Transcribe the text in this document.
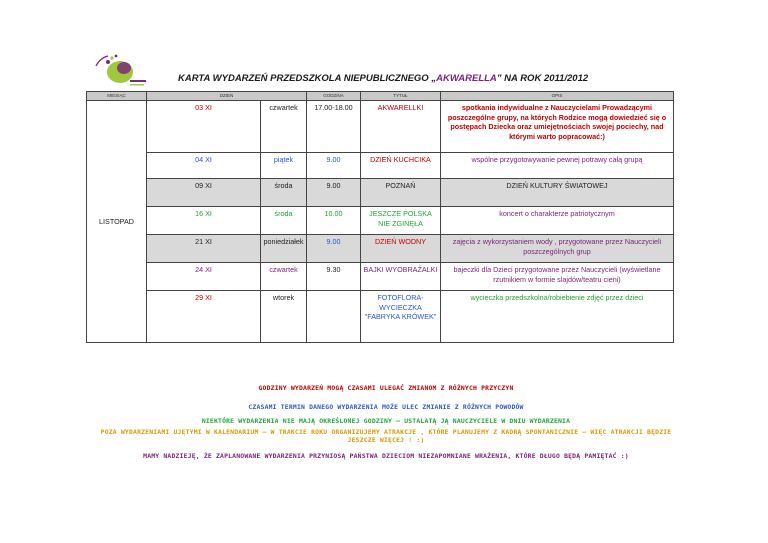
KARTA WYDARZEŃ PRZEDSZKOLA NIEPUBLICZNEGO „AKWARELLA” NA ROK 2011/2012
MIESIĄC	DZIEŃ		GODZINA	TYTUŁ	OPIS
LISTOPAD	03 XI	czwartek	17.00-18.00	AKWARELLKI	spotkania indywidualne z Nauczycielami Prowadzącymi poszczególne grupy, na których Rodzice mogą dowiedzieć się o postępach Dziecka oraz umiejętnościach swojej pociechy, nad którymi warto popracować:)
	04 XI	piątek	9.00	DZIEŃ KUCHCIKA	wspólne przygotowywanie pewnej potrawy całą grupą
	09 XI	środa	9.00	POZNAŃ	DZIEŃ KULTURY ŚWIATOWEJ
	16 XI	środa	10.00	JESZCZE POLSKA NIE ZGINĘŁA	koncert o charakterze patriotycznym
	21 XI	poniedziałek	9.00	DZIEŃ WODNY	zajęcia z wykorzystaniem wody , przygotowane przez Nauczycieli poszczególnych grup
	24 XI	czwartek	9.30	BAJKI WYOBRAŹALKI	bajeczki dla Dzieci przygotowane przez Nauczycieli (wyświetlane rzutnikiem w formie slajdów/teatru cieni)
	29 XI	wtorek		FOTOFLORA-WYCIECZKA "FABRYKA KRÓWEK"	wycieczka przedszkolna/robiebienie zdjęć przez dzieci
GODZINY WYDARZEŃ MOGĄ CZASAMI ULEGAĆ ZMIANOM Z RÓŻNYCH PRZYCZYN
CZASAMI TERMIN DANEGO WYDARZENIA MOŻE ULEC ZMIANIE Z RÓŻNYCH POWODÓW
NIEKTÓRE WYDARZENIA NIE MAJĄ OKREŚLONEJ GODZINY – USTALATĄ JĄ NAUCZYCIELE W DNIU WYDARZENIA
POZA WYDARZENIAMI UJĘTYMI W KALENDARIUM – W TRAKCIE ROKU ORGANIZUJEMY ATRAKCJE , KTÓRE PLANUJEMY Z KADRĄ SPONTANICZNIE – WIĘC ATRAKCJI BĘDZIE JESZCZE WIĘCEJ ! :)
MAMY NADZIEJĘ, ŻE ZAPLANOWANE WYDARZENIA PRZYNIOSĄ PAŃSTWA DZIECIOM NIEZAPOMNIANE WRAŻENIA, KTÓRE DŁUGO BĘDĄ PAMIĘTAĆ :)
